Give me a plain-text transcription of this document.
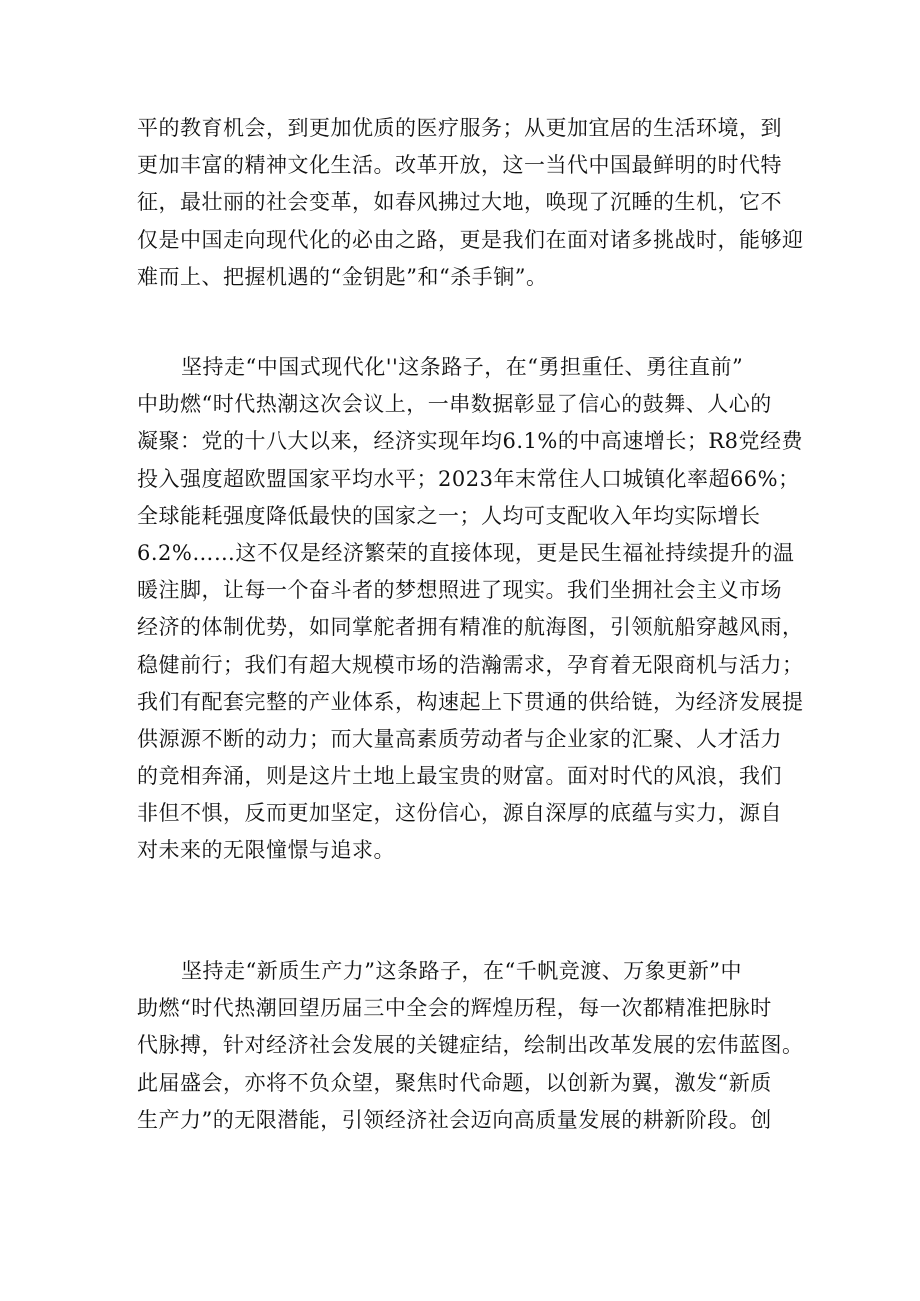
平的教育机会，到更加优质的医疗服务；从更加宜居的生活环境，到
更加丰富的精神文化生活。改革开放，这一当代中国最鲜明的时代特
征，最壮丽的社会变革，如春风拂过大地，唤现了沉睡的生机，它不
仅是中国走向现代化的必由之路，更是我们在面对诸多挑战时，能够迎
难而上、把握机遇的“金钥匙”和“杀手锏”。
坚持走“中国式现代化''这条路子，在“勇担重任、勇往直前”
中助燃“时代热潮这次会议上，一串数据彰显了信心的鼓舞、人心的
凝聚：党的十八大以来，经济实现年均6.1%的中高速增长；R8党经费
投入强度超欧盟国家平均水平；2023年末常住人口城镇化率超66%；
全球能耗强度降低最快的国家之一；人均可支配收入年均实际增长
6.2%……这不仅是经济繁荣的直接体现，更是民生福祉持续提升的温
暖注脚，让每一个奋斗者的梦想照进了现实。我们坐拥社会主义市场
经济的体制优势，如同掌舵者拥有精准的航海图，引领航船穿越风雨，
稳健前行；我们有超大规模市场的浩瀚需求，孕育着无限商机与活力；
我们有配套完整的产业体系，构速起上下贯通的供给链，为经济发展提
供源源不断的动力；而大量高素质劳动者与企业家的汇聚、人才活力
的竞相奔涌，则是这片土地上最宝贵的财富。面对时代的风浪，我们
非但不惧，反而更加坚定，这份信心，源自深厚的底蕴与实力，源自
对未来的无限憧憬与追求。
坚持走“新质生产力”这条路子，在“千帆竞渡、万象更新”中
助燃“时代热潮回望历届三中全会的辉煌历程，每一次都精准把脉时
代脉搏，针对经济社会发展的关键症结，绘制出改革发展的宏伟蓝图。
此届盛会，亦将不负众望，聚焦时代命题，以创新为翼，激发“新质
生产力”的无限潜能，引领经济社会迈向高质量发展的耕新阶段。创
